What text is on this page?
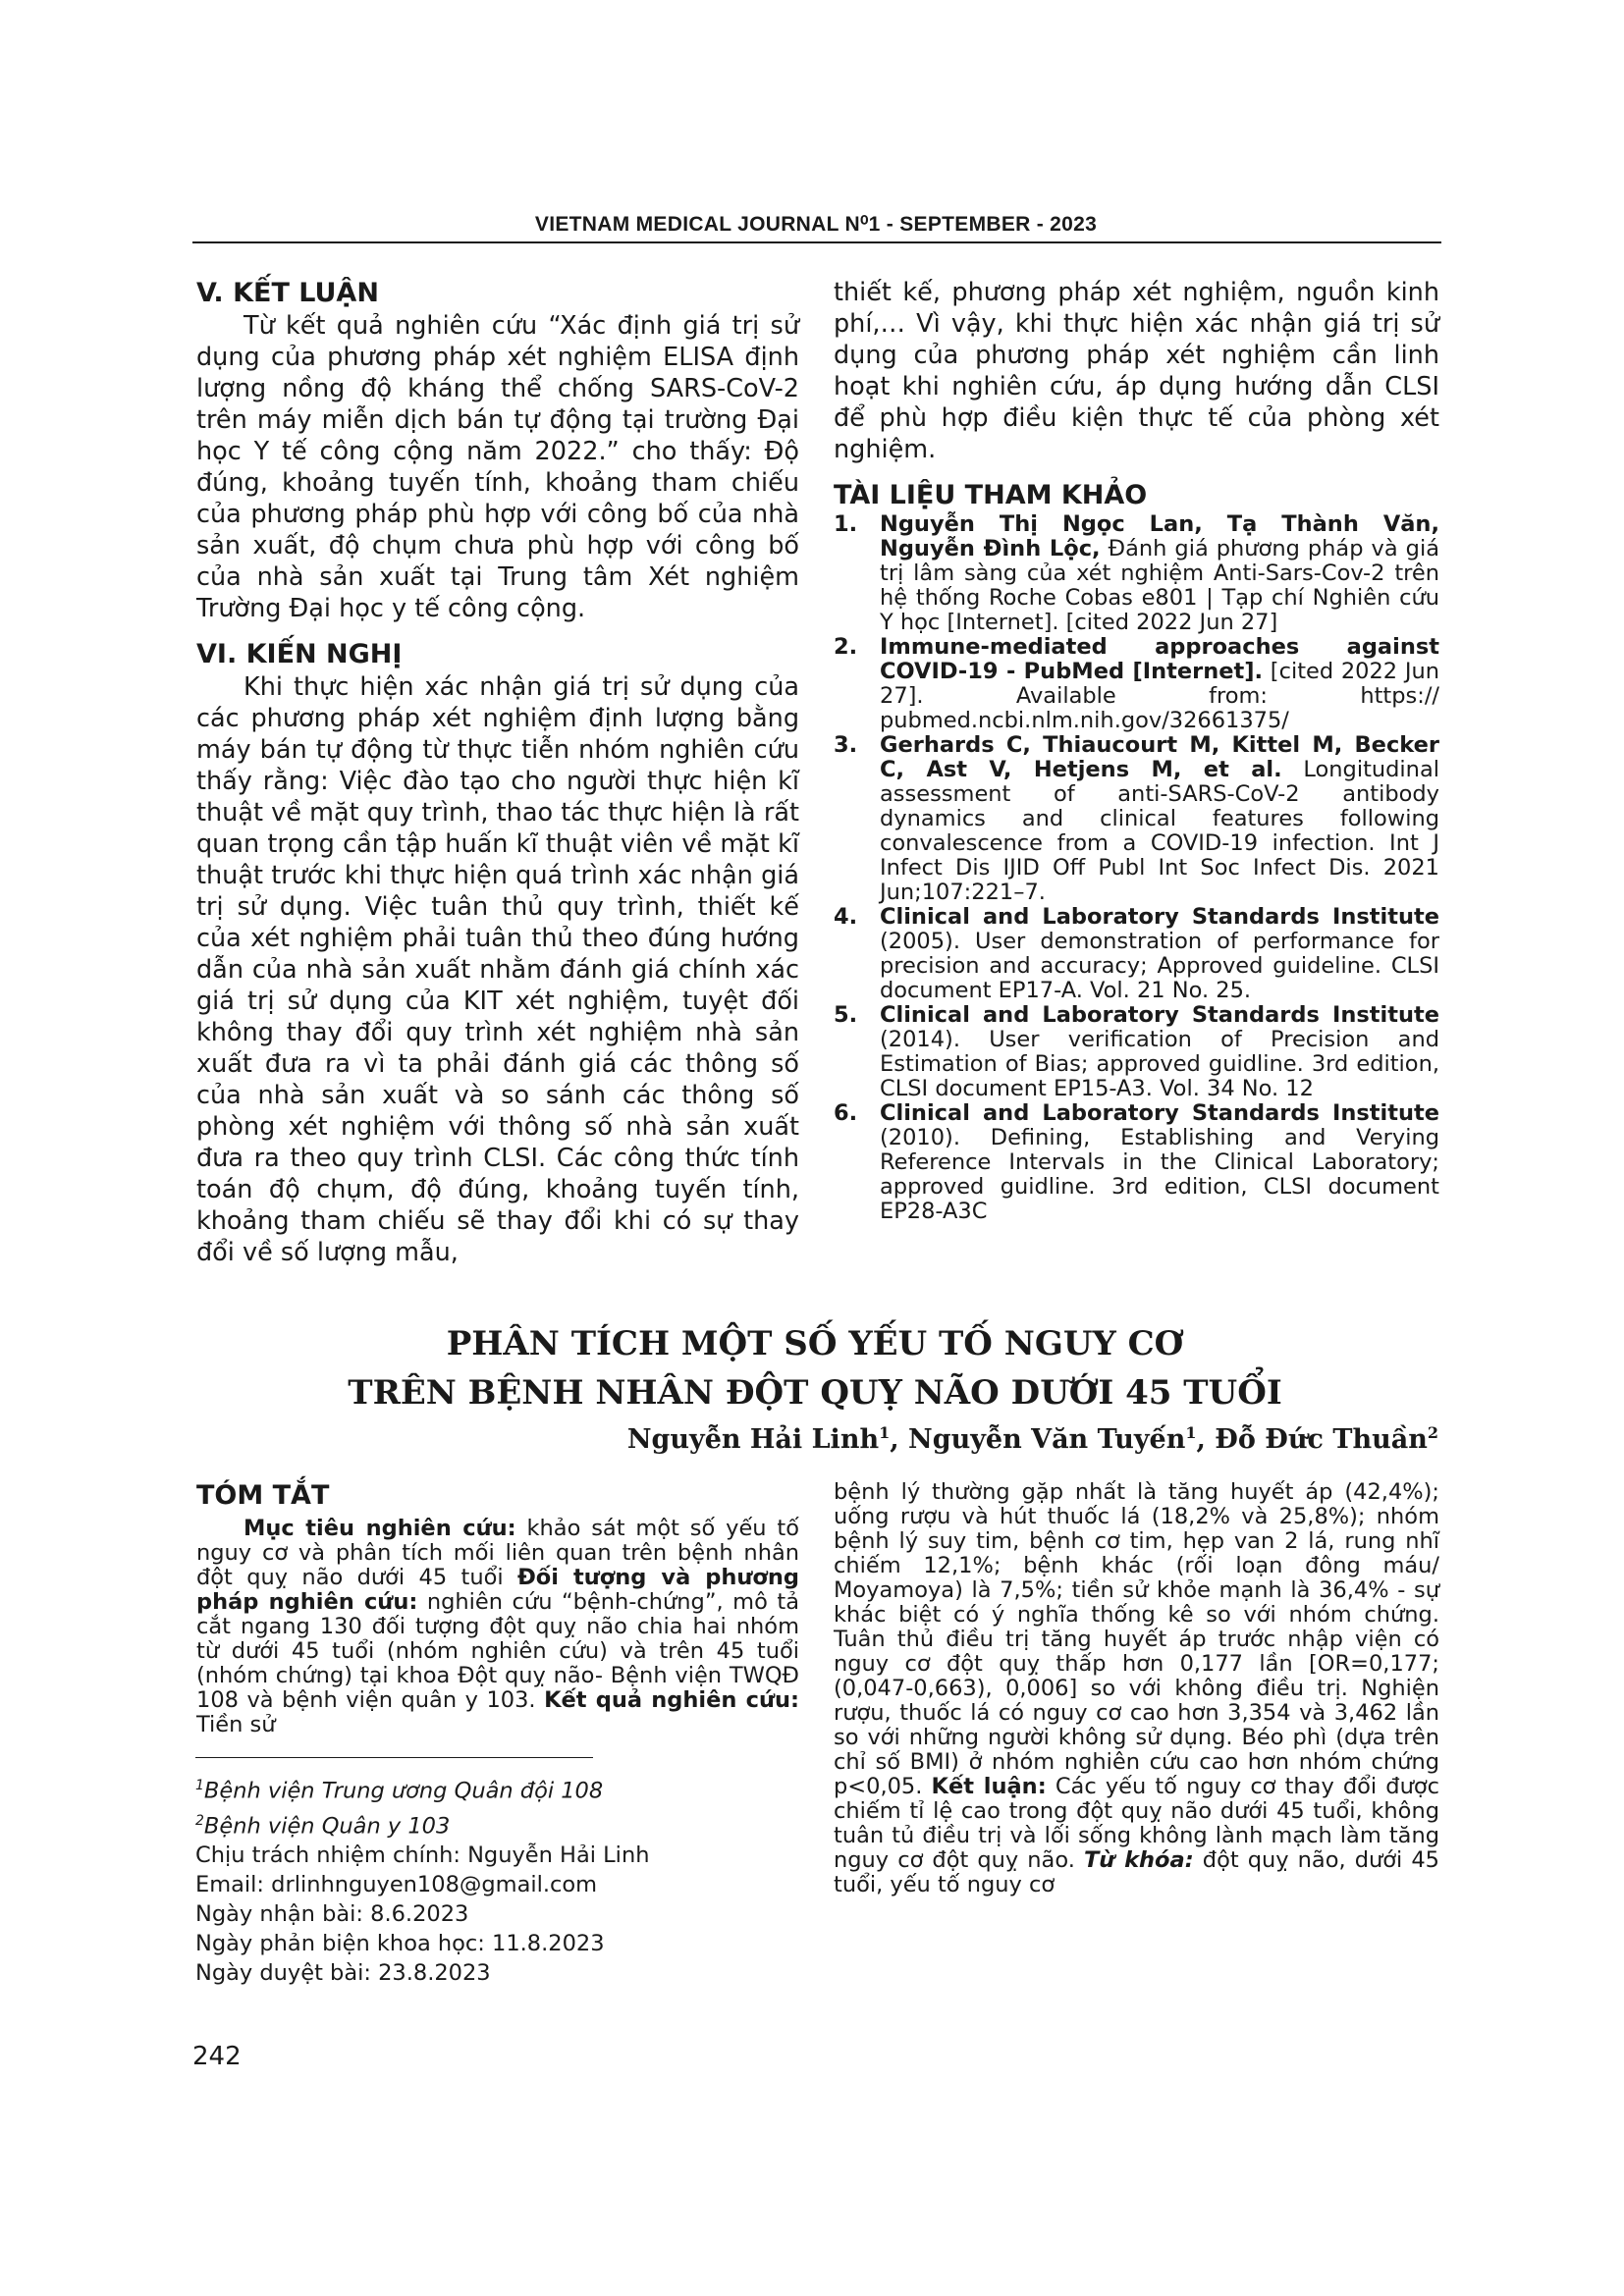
VIETNAM MEDICAL JOURNAL N⁰1 - SEPTEMBER - 2023
V. KẾT LUẬN

Từ kết quả nghiên cứu “Xác định giá trị sử dụng của phương pháp xét nghiệm ELISA định lượng nồng độ kháng thể chống SARS-CoV-2 trên máy miễn dịch bán tự động tại trường Đại học Y tế công cộng năm 2022.” cho thấy: Độ đúng, khoảng tuyến tính, khoảng tham chiếu của phương pháp phù hợp với công bố của nhà sản xuất, độ chụm chưa phù hợp với công bố của nhà sản xuất tại Trung tâm Xét nghiệm Trường Đại học y tế công cộng.

VI. KIẾN NGHỊ

Khi thực hiện xác nhận giá trị sử dụng của các phương pháp xét nghiệm định lượng bằng máy bán tự động từ thực tiễn nhóm nghiên cứu thấy rằng: Việc đào tạo cho người thực hiện kĩ thuật về mặt quy trình, thao tác thực hiện là rất quan trọng cần tập huấn kĩ thuật viên về mặt kĩ thuật trước khi thực hiện quá trình xác nhận giá trị sử dụng. Việc tuân thủ quy trình, thiết kế của xét nghiệm phải tuân thủ theo đúng hướng dẫn của nhà sản xuất nhằm đánh giá chính xác giá trị sử dụng của KIT xét nghiệm, tuyệt đối không thay đổi quy trình xét nghiệm nhà sản xuất đưa ra vì ta phải đánh giá các thông số của nhà sản xuất và so sánh các thông số phòng xét nghiệm với thông số nhà sản xuất đưa ra theo quy trình CLSI. Các công thức tính toán độ chụm, độ đúng, khoảng tuyến tính, khoảng tham chiếu sẽ thay đổi khi có sự thay đổi về số lượng mẫu,

thiết kế, phương pháp xét nghiệm, nguồn kinh phí,… Vì vậy, khi thực hiện xác nhận giá trị sử dụng của phương pháp xét nghiệm cần linh hoạt khi nghiên cứu, áp dụng hướng dẫn CLSI để phù hợp điều kiện thực tế của phòng xét nghiệm.

TÀI LIỆU THAM KHẢO
1.	Nguyễn Thị Ngọc Lan, Tạ Thành Văn, Nguyễn Đình Lộc, Đánh giá phương pháp và giá trị lâm sàng của xét nghiệm Anti-Sars-Cov-2 trên hệ thống Roche Cobas e801 | Tạp chí Nghiên cứu Y học [Internet]. [cited 2022 Jun 27]
2.	Immune-mediated approaches against COVID-19 - PubMed [Internet]. [cited 2022 Jun 27]. Available from: https:// pubmed.ncbi.nlm.nih.gov/32661375/
3.	Gerhards C, Thiaucourt M, Kittel M, Becker C, Ast V, Hetjens M, et al. Longitudinal assessment of anti-SARS-CoV-2 antibody dynamics and clinical features following convalescence from a COVID-19 infection. Int J Infect Dis IJID Off Publ Int Soc Infect Dis. 2021 Jun;107:221–7.
4.	Clinical and Laboratory Standards Institute (2005). User demonstration of performance for precision and accuracy; Approved guideline. CLSI document EP17-A. Vol. 21 No. 25.
5.	Clinical and Laboratory Standards Institute (2014). User verification of Precision and Estimation of Bias; approved guidline. 3rd edition, CLSI document EP15-A3. Vol. 34 No. 12
6.	Clinical and Laboratory Standards Institute (2010). Defining, Establishing and Verying Reference Intervals in the Clinical Laboratory; approved guidline. 3rd edition, CLSI document EP28-A3C
PHÂN TÍCH MỘT SỐ YẾU TỐ NGUY CƠ
TRÊN BỆNH NHÂN ĐỘT QUỴ NÃO DƯỚI 45 TUỔI
Nguyễn Hải Linh$^1$, Nguyễn Văn Tuyến$^1$, Đỗ Đức Thuần$^2$
TÓM TẮT

Mục tiêu nghiên cứu: khảo sát một số yếu tố nguy cơ và phân tích mối liên quan trên bệnh nhân đột quỵ não dưới 45 tuổi Đối tượng và phương pháp nghiên cứu: nghiên cứu “bệnh-chứng”, mô tả cắt ngang 130 đối tượng đột quỵ não chia hai nhóm từ dưới 45 tuổi (nhóm nghiên cứu) và trên 45 tuổi (nhóm chứng) tại khoa Đột quỵ não- Bệnh viện TWQĐ 108 và bệnh viện quân y 103. Kết quả nghiên cứu: Tiền sử

bệnh lý thường gặp nhất là tăng huyết áp (42,4%); uống rượu và hút thuốc lá (18,2% và 25,8%); nhóm bệnh lý suy tim, bệnh cơ tim, hẹp van 2 lá, rung nhĩ chiếm 12,1%; bệnh khác (rối loạn đông máu/ Moyamoya) là 7,5%; tiền sử khỏe mạnh là 36,4% - sự khác biệt có ý nghĩa thống kê so với nhóm chứng. Tuân thủ điều trị tăng huyết áp trước nhập viện có nguy cơ đột quỵ thấp hơn 0,177 lần [OR=0,177; (0,047-0,663), 0,006] so với không điều trị. Nghiện rượu, thuốc lá có nguy cơ cao hơn 3,354 và 3,462 lần so với những người không sử dụng. Béo phì (dựa trên chỉ số BMI) ở nhóm nghiên cứu cao hơn nhóm chứng p<0,05. Kết luận: Các yếu tố nguy cơ thay đổi được chiếm tỉ lệ cao trong đột quỵ não dưới 45 tuổi, không tuân tủ điều trị và lối sống không lành mạch làm tăng nguy cơ đột quỵ não. Từ khóa: đột quỵ não, dưới 45 tuổi, yếu tố nguy cơ

$^1$Bệnh viện Trung ương Quân đội 108
$^2$Bệnh viện Quân y 103
Chịu trách nhiệm chính: Nguyễn Hải Linh
Email: drlinhnguyen108@gmail.com
Ngày nhận bài: 8.6.2023
Ngày phản biện khoa học: 11.8.2023
Ngày duyệt bài: 23.8.2023
242
